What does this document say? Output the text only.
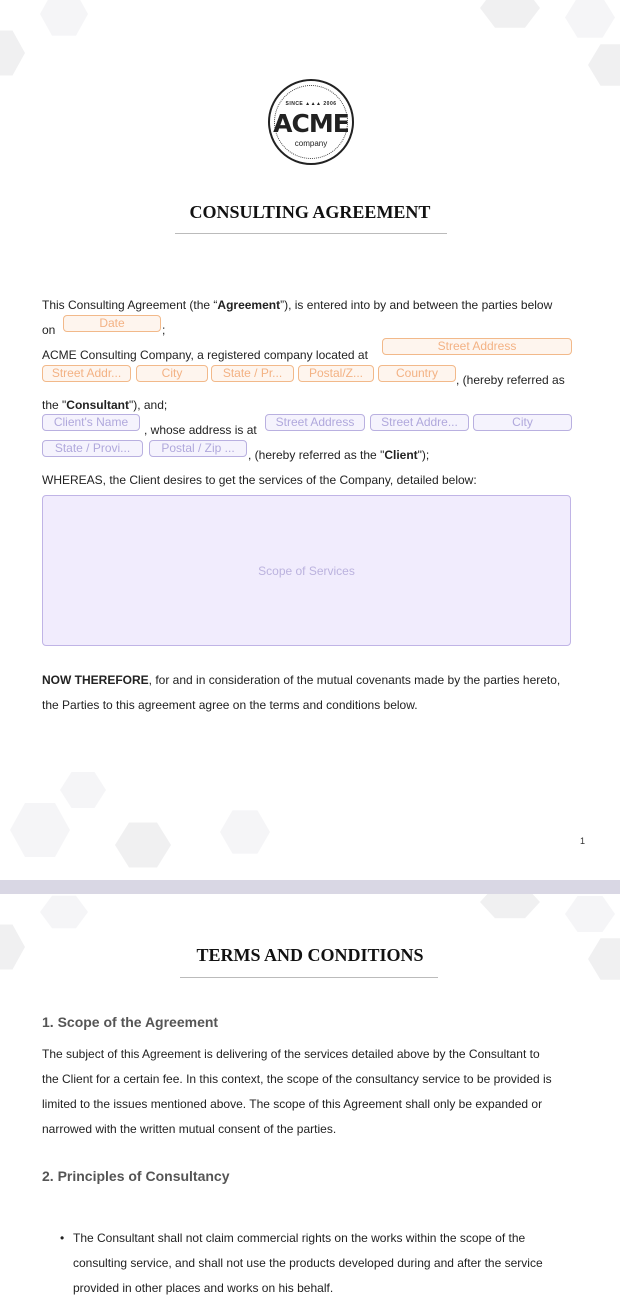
SINCE ▲▲▲ 2006
ACME
company
CONSULTING AGREEMENT
This Consulting Agreement (the “Agreement”), is entered into by and between the parties below
on	Date	;
ACME Consulting Company, a registered company located at
Street Address
Street Addr...	City	State / Pr...	Postal/Z...	Country	, (hereby referred as
the "Consultant"), and;
Client's Name
, whose address is at
Street Address	Street Addre...	City
State / Provi...	Postal / Zip ...	, (hereby referred as the "Client");
WHEREAS, the Client desires to get the services of the Company, detailed below:
Scope of Services
NOW THEREFORE, for and in consideration of the mutual covenants made by the parties hereto,
the Parties to this agreement agree on the terms and conditions below.
1
TERMS AND CONDITIONS
1. Scope of the Agreement
The subject of this Agreement is delivering of the services detailed above by the Consultant to
the Client for a certain fee. In this context, the scope of the consultancy service to be provided is
limited to the issues mentioned above. The scope of this Agreement shall only be expanded or
narrowed with the written mutual consent of the parties.
2. Principles of Consultancy
• The Consultant shall not claim commercial rights on the works within the scope of the
consulting service, and shall not use the products developed during and after the service
provided in other places and works on his behalf.
